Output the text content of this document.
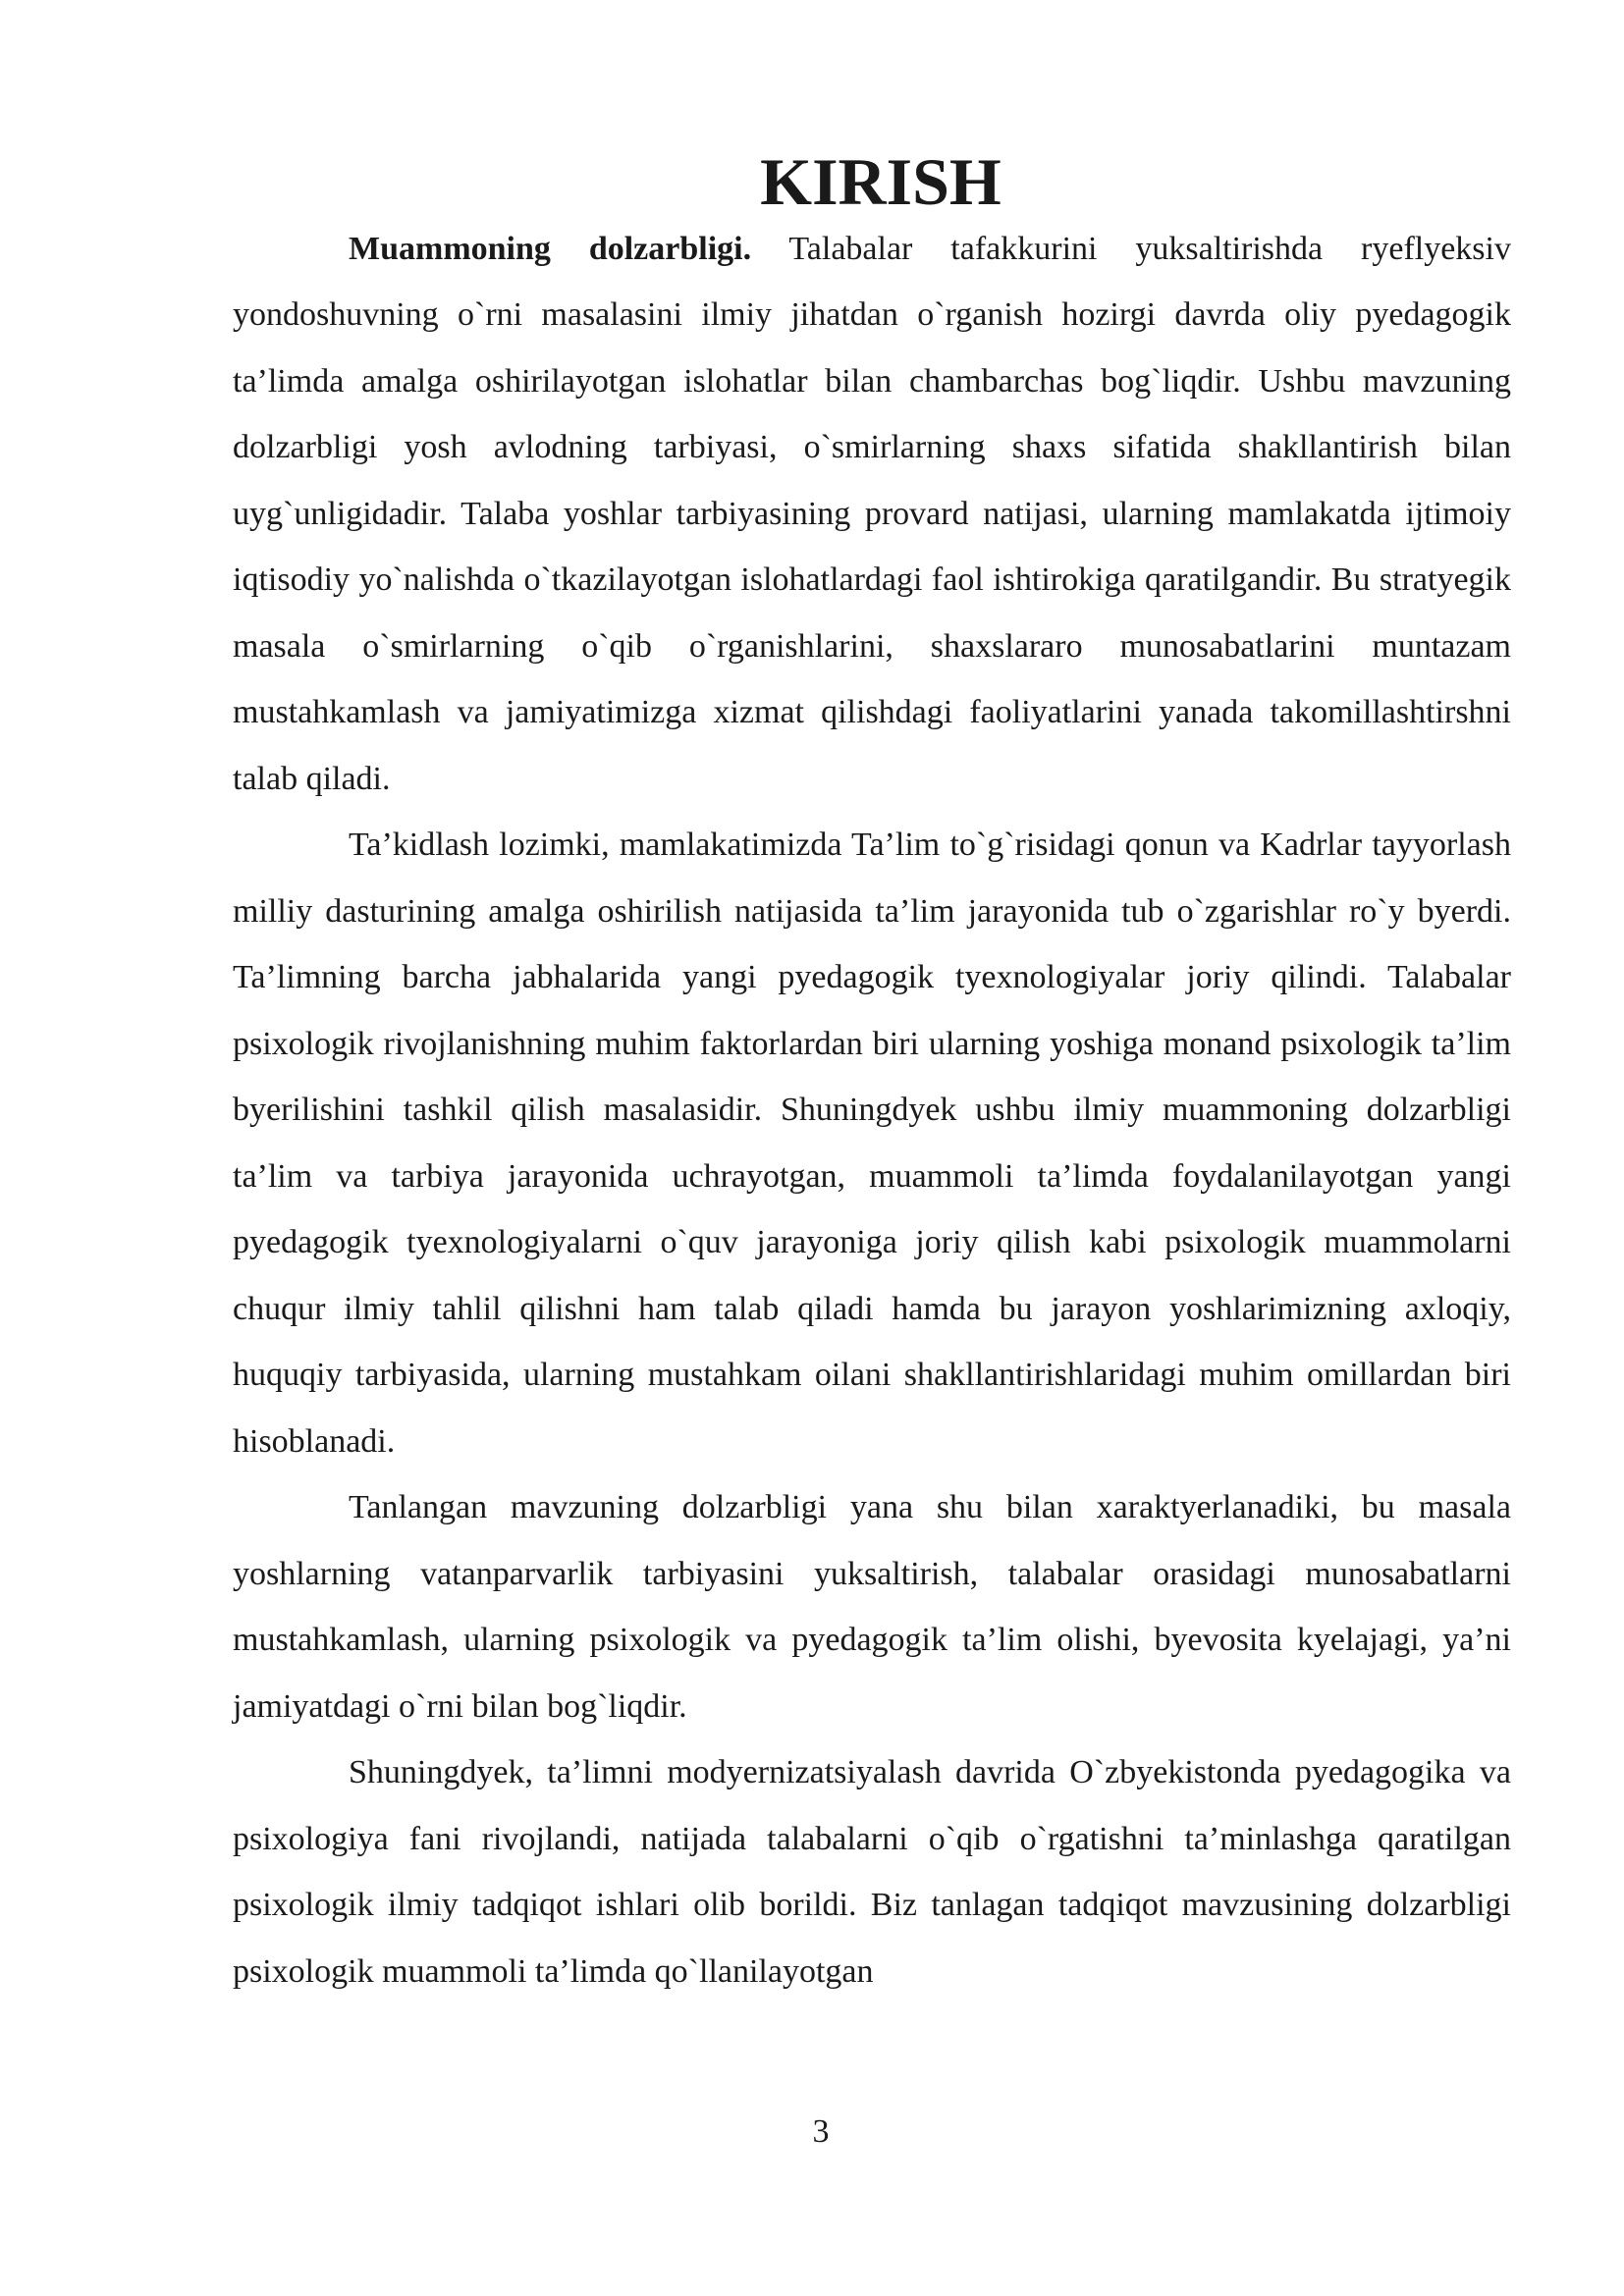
KIRISH

Muammoning dolzarbligi. Talabalar tafakkurini yuksaltirishda ryeflyeksiv yondoshuvning o`rni masalasini ilmiy jihatdan o`rganish hozirgi davrda oliy pyedagogik ta’limda amalga oshirilayotgan islohatlar bilan chambarchas bog`liqdir. Ushbu mavzuning dolzarbligi yosh avlodning tarbiyasi, o`smirlarning shaxs sifatida shakllantirish bilan uyg`unligidadir. Talaba yoshlar tarbiyasining provard natijasi, ularning mamlakatda ijtimoiy iqtisodiy yo`nalishda o`tkazilayotgan islohatlardagi faol ishtirokiga qaratilgandir. Bu stratyegik masala o`smirlarning o`qib o`rganishlarini, shaxslararo munosabatlarini muntazam mustahkamlash va jamiyatimizga xizmat qilishdagi faoliyatlarini yanada takomillashtirshni talab qiladi.

Ta’kidlash lozimki, mamlakatimizda Ta’lim to`g`risidagi qonun va Kadrlar tayyorlash milliy dasturining amalga oshirilish natijasida ta’lim jarayonida tub o`zgarishlar ro`y byerdi. Ta’limning barcha jabhalarida yangi pyedagogik tyexnologiyalar joriy qilindi. Talabalar psixologik rivojlanishning muhim faktorlardan biri ularning yoshiga monand psixologik ta’lim byerilishini tashkil qilish masalasidir. Shuningdyek ushbu ilmiy muammoning dolzarbligi ta’lim va tarbiya jarayonida uchrayotgan, muammoli ta’limda foydalanilayotgan yangi pyedagogik tyexnologiyalarni o`quv jarayoniga joriy qilish kabi psixologik muammolarni chuqur ilmiy tahlil qilishni ham talab qiladi hamda bu jarayon yoshlarimizning axloqiy, huquqiy tarbiyasida, ularning mustahkam oilani shakllantirishlaridagi muhim omillardan biri hisoblanadi.

Tanlangan mavzuning dolzarbligi yana shu bilan xaraktyerlanadiki, bu masala yoshlarning vatanparvarlik tarbiyasini yuksaltirish, talabalar orasidagi munosabatlarni mustahkamlash, ularning psixologik va pyedagogik ta’lim olishi, byevosita kyelajagi, ya’ni jamiyatdagi o`rni bilan bog`liqdir.

Shuningdyek, ta’limni modyernizatsiyalash davrida O`zbyekistonda pyedagogika va psixologiya fani rivojlandi, natijada talabalarni o`qib o`rgatishni ta’minlashga qaratilgan psixologik ilmiy tadqiqot ishlari olib borildi. Biz tanlagan tadqiqot mavzusining dolzarbligi psixologik muammoli ta’limda qo`llanilayotgan

3
